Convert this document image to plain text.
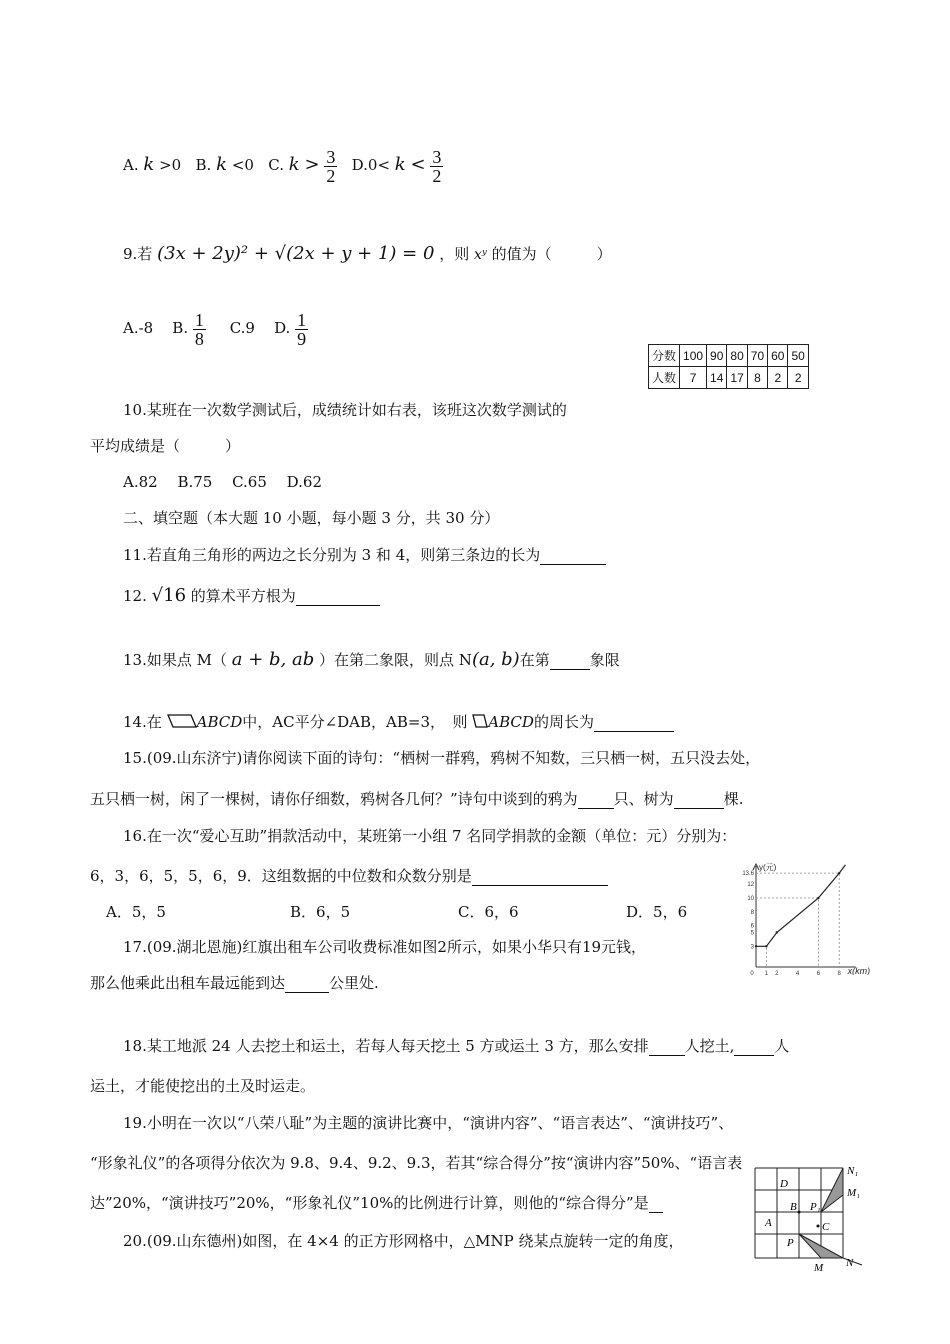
A. k >0 B. k <0 C. $k > \frac{3}{2} D.0< k < \frac{3}{2}$
9.若 (3x + 2y)² + √(2x + y + 1) = 0 ，则 xʸ 的值为（　　　）
A.-8 B. $\frac{1}{8} C.9$ D. $\frac{1}{9}$
分数	100	90	80	70	60	50
人数	7	14	17	8	2	2
10.某班在一次数学测试后，成绩统计如右表，该班这次数学测试的
平均成绩是（　　　）
A.82　 B.75　 C.65　 D.62
二、填空题（本大题 10 小题，每小题 3 分，共 30 分）
11.若直角三角形的两边之长分别为 3 和 4，则第三条边的长为
12. √16 的算术平方根为
13.如果点 M（ a + b, ab ）在第二象限，则点 N(a, b)在第	象限
14.在 ABCD中，AC平分∠DAB，AB=3，　则 ABCD的周长为
15.(09.山东济宁)请你阅读下面的诗句：“栖树一群鸦，鸦树不知数，三只栖一树，五只没去处，
五只栖一树，闲了一棵树，请你仔细数，鸦树各几何？”诗句中谈到的鸦为 只、树为	棵.
16.在一次“爱心互助”捐款活动中，某班第一小组 7 名同学捐款的金额（单位：元）分别为：
6，3，6，5，5，6，9．这组数据的中位数和众数分别是
A．5，5	B．6，5	C．6，6	D．5，6
17.(09.湖北恩施)红旗出租车公司收费标准如图2所示，如果小华只有19元钱，
那么他乘此出租车最远能到达	公里处.
y(元)
x(km)
13.6
12
10
8
6
5
3
0 1 2	4	6	8
18.某工地派 24 人去挖土和运土，若每人每天挖土 5 方或运土 3 方，那么安排 人挖土,	人
运土，才能使挖出的土及时运走。
19.小明在一次以“八荣八耻”为主题的演讲比赛中，“演讲内容”、“语言表达”、“演讲技巧”、
“形象礼仪”的各项得分依次为 9.8、9.4、9.2、9.3，若其“综合得分”按“演讲内容”50%、“语言表
达”20%，“演讲技巧”20%，“形象礼仪”10%的比例进行计算，则他的“综合得分”是
20.(09.山东德州)如图，在 4×4 的正方形网格中，△MNP 绕某点旋转一定的角度，
D
B P₁
A	C
P
M N
N₁
M₁
